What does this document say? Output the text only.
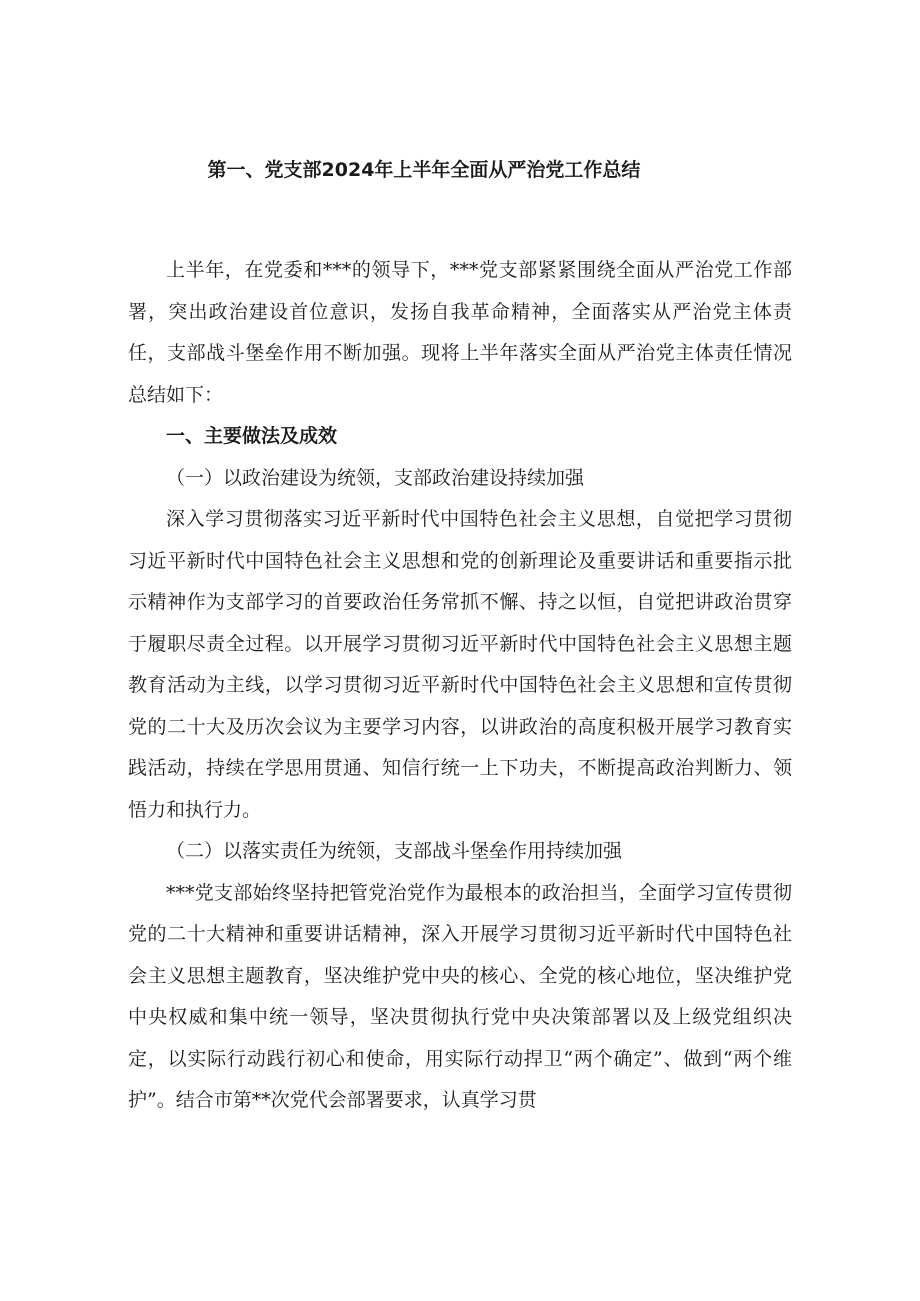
第一、党支部2024年上半年全面从严治党工作总结

上半年，在党委和***的领导下，***党支部紧紧围绕全面从严治党工作部署，突出政治建设首位意识，发扬自我革命精神，全面落实从严治党主体责任，支部战斗堡垒作用不断加强。现将上半年落实全面从严治党主体责任情况总结如下：

一、主要做法及成效
（一）以政治建设为统领，支部政治建设持续加强

深入学习贯彻落实习近平新时代中国特色社会主义思想，自觉把学习贯彻习近平新时代中国特色社会主义思想和党的创新理论及重要讲话和重要指示批示精神作为支部学习的首要政治任务常抓不懈、持之以恒，自觉把讲政治贯穿于履职尽责全过程。以开展学习贯彻习近平新时代中国特色社会主义思想主题教育活动为主线，以学习贯彻习近平新时代中国特色社会主义思想和宣传贯彻党的二十大及历次会议为主要学习内容，以讲政治的高度积极开展学习教育实践活动，持续在学思用贯通、知信行统一上下功夫，不断提高政治判断力、领悟力和执行力。

（二）以落实责任为统领，支部战斗堡垒作用持续加强

***党支部始终坚持把管党治党作为最根本的政治担当，全面学习宣传贯彻党的二十大精神和重要讲话精神，深入开展学习贯彻习近平新时代中国特色社会主义思想主题教育，坚决维护党中央的核心、全党的核心地位，坚决维护党中央权威和集中统一领导，坚决贯彻执行党中央决策部署以及上级党组织决定，以实际行动践行初心和使命，用实际行动捍卫“两个确定”、做到“两个维护”。结合市第**次党代会部署要求，认真学习贯
